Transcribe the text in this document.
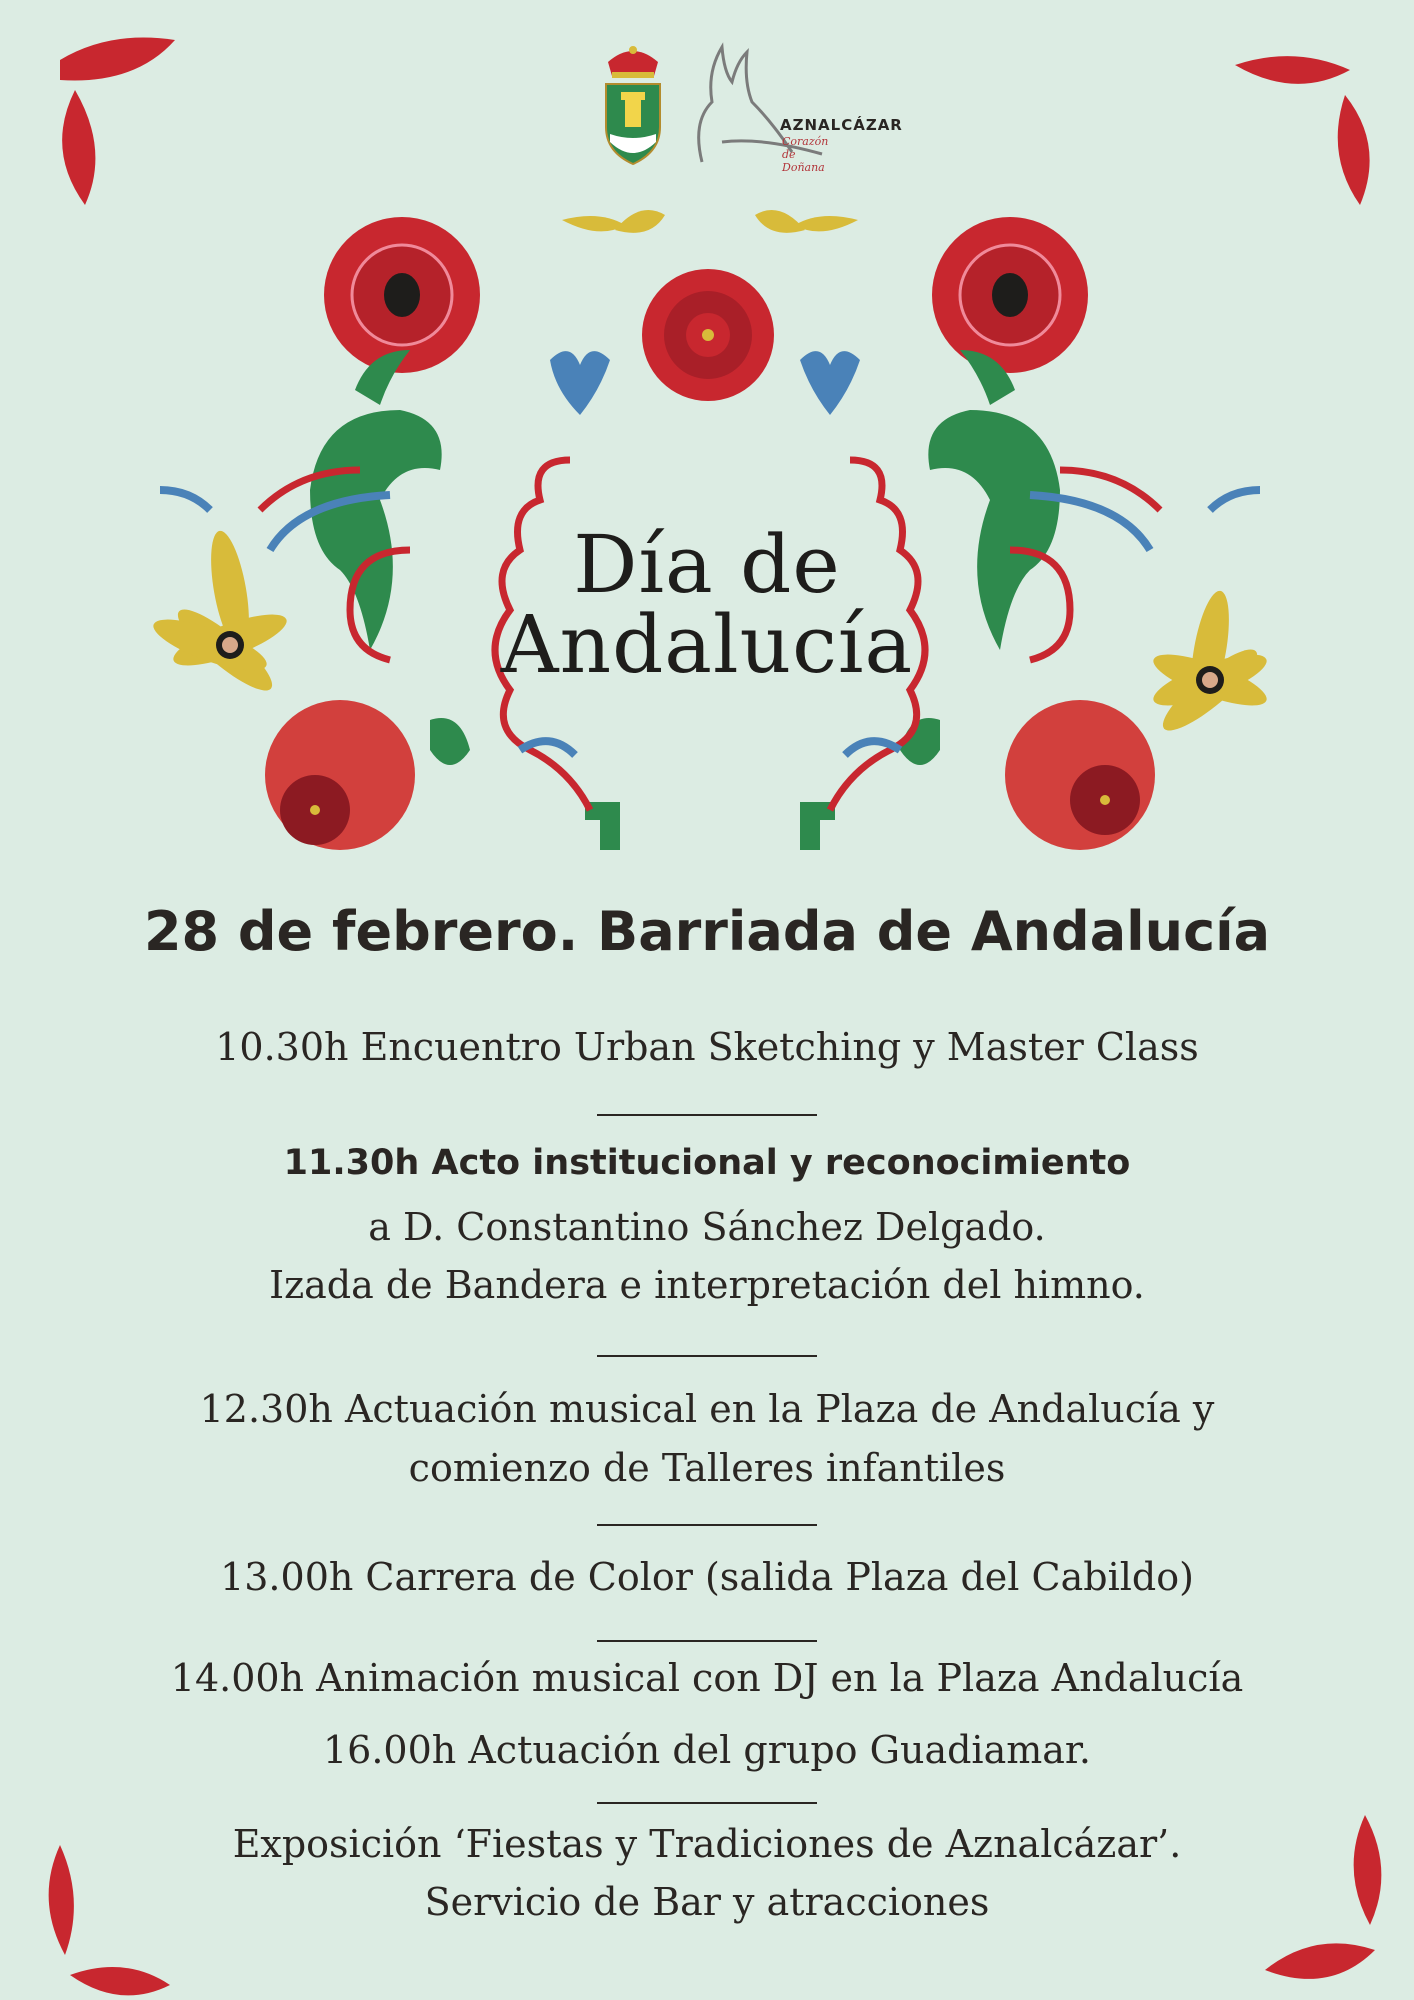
AZNALCÁZAR
Corazón de Doñana
Día de
Andalucía
28 de febrero. Barriada de Andalucía
10.30h Encuentro Urban Sketching y Master Class
11.30h Acto institucional y reconocimiento
a D. Constantino Sánchez Delgado.
Izada de Bandera e interpretación del himno.
12.30h Actuación musical en la Plaza de Andalucía y
comienzo de Talleres infantiles
13.00h Carrera de Color (salida Plaza del Cabildo)
14.00h Animación musical con DJ en la Plaza Andalucía
16.00h Actuación del grupo Guadiamar.
Exposición ‘Fiestas y Tradiciones de Aznalcázar’.
Servicio de Bar y atracciones
